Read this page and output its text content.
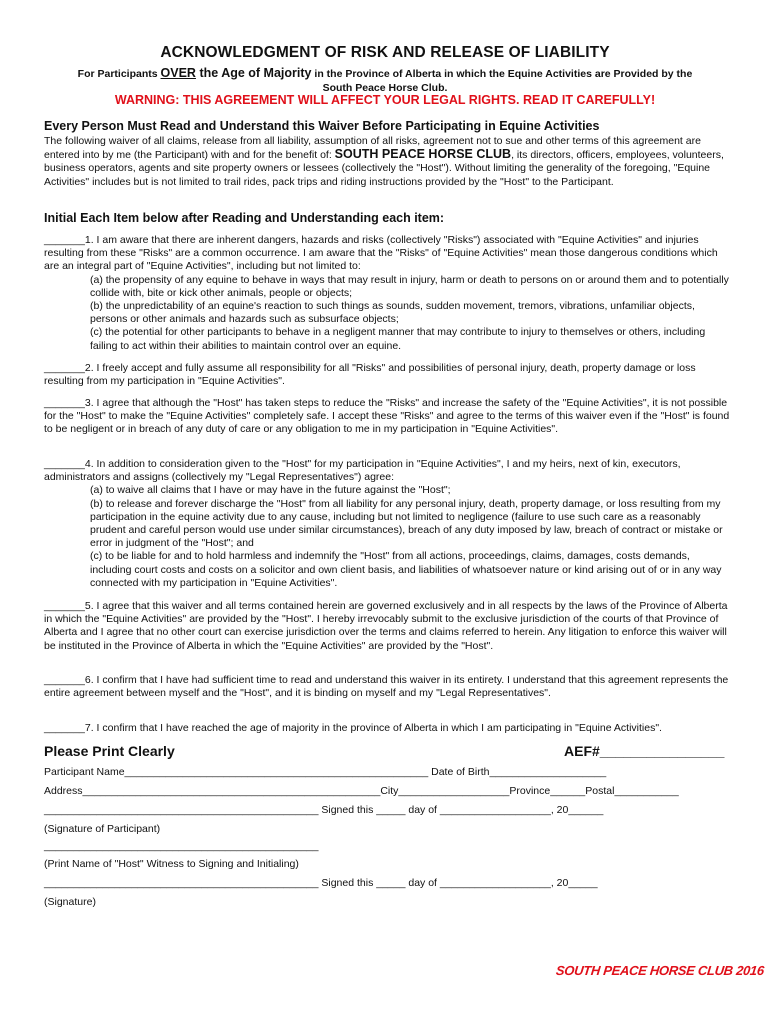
ACKNOWLEDGMENT OF RISK AND RELEASE OF LIABILITY
For Participants OVER the Age of Majority in the Province of Alberta in which the Equine Activities are Provided by the
South Peace Horse Club.
WARNING: THIS AGREEMENT WILL AFFECT YOUR LEGAL RIGHTS. READ IT CAREFULLY!
Every Person Must Read and Understand this Waiver Before Participating in Equine Activities

The following waiver of all claims, release from all liability, assumption of all risks, agreement not to sue and other terms of this agreement are entered into by me (the Participant) with and for the benefit of: SOUTH PEACE HORSE CLUB, its directors, officers, employees, volunteers, business operators, agents and site property owners or lessees (collectively the "Host"). Without limiting the generality of the foregoing, "Equine Activities" includes but is not limited to trail rides, pack trips and riding instructions provided by the "Host" to the Participant.

Initial Each Item below after Reading and Understanding each item:

_______1. I am aware that there are inherent dangers, hazards and risks (collectively "Risks") associated with "Equine Activities" and injuries resulting from these "Risks" are a common occurrence. I am aware that the "Risks" of "Equine Activities" mean those dangerous conditions which are an integral part of "Equine Activities", including but not limited to:

(a) the propensity of any equine to behave in ways that may result in injury, harm or death to persons on or around them and to potentially collide with, bite or kick other animals, people or objects;

(b) the unpredictability of an equine's reaction to such things as sounds, sudden movement, tremors, vibrations, unfamiliar objects, persons or other animals and hazards such as subsurface objects;

(c) the potential for other participants to behave in a negligent manner that may contribute to injury to themselves or others, including failing to act within their abilities to maintain control over an equine.

_______2. I freely accept and fully assume all responsibility for all "Risks" and possibilities of personal injury, death, property damage or loss resulting from my participation in "Equine Activities".

_______3. I agree that although the "Host" has taken steps to reduce the "Risks" and increase the safety of the "Equine Activities", it is not possible for the "Host" to make the "Equine Activities" completely safe. I accept these "Risks" and agree to the terms of this waiver even if the "Host" is found to be negligent or in breach of any duty of care or any obligation to me in my participation in "Equine Activities".

_______4. In addition to consideration given to the "Host" for my participation in "Equine Activities", I and my heirs, next of kin, executors, administrators and assigns (collectively my "Legal Representatives") agree:

(a) to waive all claims that I have or may have in the future against the "Host";

(b) to release and forever discharge the "Host" from all liability for any personal injury, death, property damage, or loss resulting from my participation in the equine activity due to any cause, including but not limited to negligence (failure to use such care as a reasonably prudent and careful person would use under similar circumstances), breach of any duty imposed by law, breach of contract or mistake or error in judgment of the "Host"; and

(c) to be liable for and to hold harmless and indemnify the "Host" from all actions, proceedings, claims, damages, costs demands, including court costs and costs on a solicitor and own client basis, and liabilities of whatsoever nature or kind arising out of or in any way connected with my participation in "Equine Activities".

_______5. I agree that this waiver and all terms contained herein are governed exclusively and in all respects by the laws of the Province of Alberta in which the "Equine Activities" are provided by the "Host". I hereby irrevocably submit to the exclusive jurisdiction of the courts of that Province of Alberta and I agree that no other court can exercise jurisdiction over the terms and claims referred to herein. Any litigation to enforce this waiver will be instituted in the Province of Alberta in which the "Equine Activities" are provided by the "Host".

_______6. I confirm that I have had sufficient time to read and understand this waiver in its entirety. I understand that this agreement represents the entire agreement between myself and the "Host", and it is binding on myself and my "Legal Representatives".

_______7. I confirm that I have reached the age of majority in the province of Alberta in which I am participating in "Equine Activities".

Please Print Clearly	AEF#________________
Participant Name____________________________________________________ Date of Birth____________________
Address___________________________________________________City___________________Province______Postal___________
_______________________________________________ Signed this _____ day of ___________________, 20______
(Signature of Participant)
_______________________________________________
(Print Name of "Host" Witness to Signing and Initialing)
_______________________________________________ Signed this _____ day of ___________________, 20_____
(Signature)
SOUTH PEACE HORSE CLUB 2016
